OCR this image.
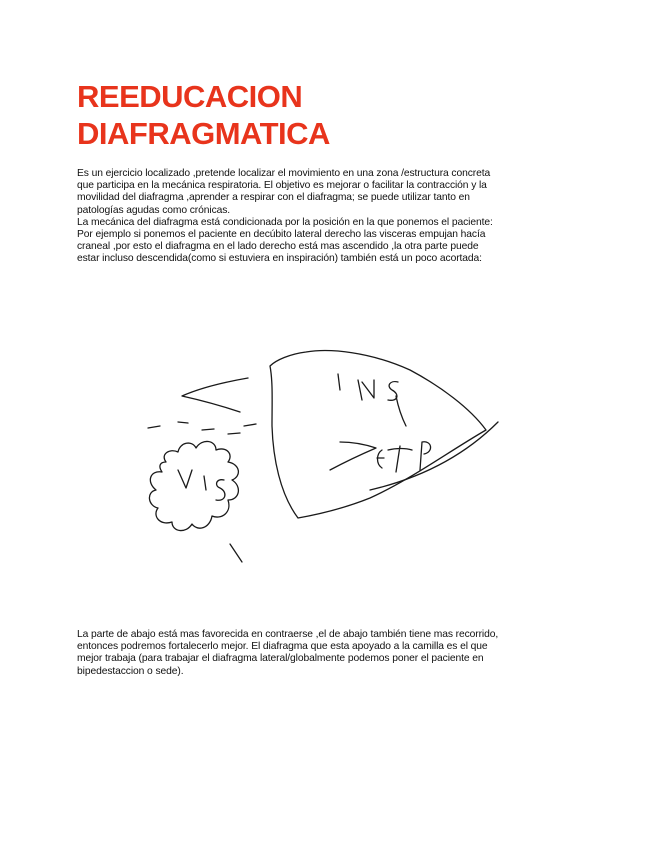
REEDUCACION
DIAFRAGMATICA

Es un ejercicio localizado ,pretende localizar el movimiento en una zona /estructura concreta
que participa en la mecánica respiratoria. El objetivo es mejorar o facilitar la contracción y la
movilidad del diafragma ,aprender a respirar con el diafragma; se puede utilizar tanto en
patologías agudas como crónicas.
La mecánica del diafragma está condicionada por la posición en la que ponemos el paciente:
Por ejemplo si ponemos el paciente en decúbito lateral derecho las visceras empujan hacía
craneal ,por esto el diafragma en el lado derecho está mas ascendido ,la otra parte puede
estar incluso descendida(como si estuviera en inspiración) también está un poco acortada:

La parte de abajo está mas favorecida en contraerse ,el de abajo también tiene mas recorrido,
entonces podremos fortalecerlo mejor. El diafragma que esta apoyado a la camilla es el que
mejor trabaja (para trabajar el diafragma lateral/globalmente podemos poner el paciente en
bipedestaccion o sede).
